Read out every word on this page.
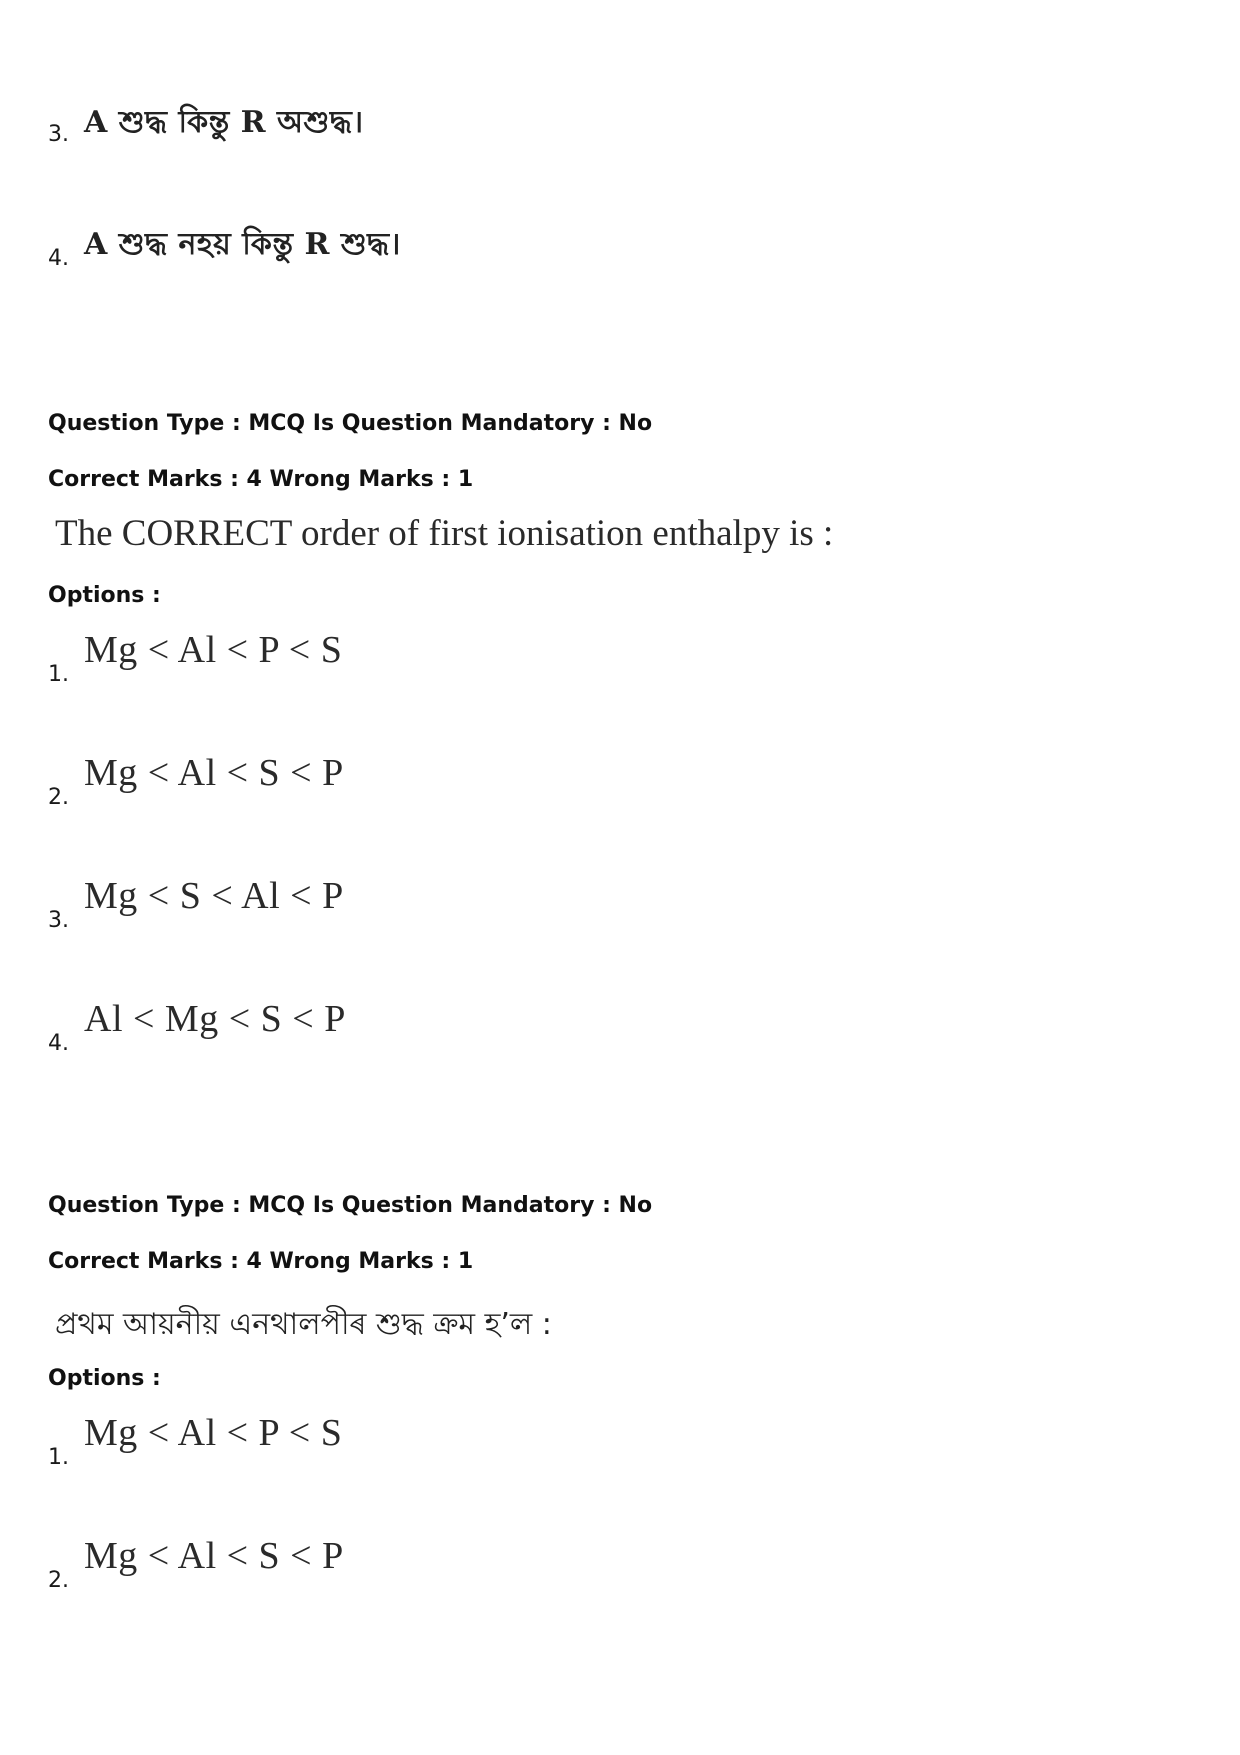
3. A শুদ্ধ কিন্তু R অশুদ্ধ।
4. A শুদ্ধ নহয় কিন্তু R শুদ্ধ।
Question Type : MCQ Is Question Mandatory : No
Correct Marks : 4 Wrong Marks : 1
The CORRECT order of first ionisation enthalpy is :
Options :
1.
Mg < Al < P < S
2.
Mg < Al < S < P
3.
Mg < S < Al < P
4.
Al < Mg < S < P
Question Type : MCQ Is Question Mandatory : No
Correct Marks : 4 Wrong Marks : 1
প্ৰথম আয়নীয় এনথালপীৰ শুদ্ধ ক্ৰম হ’ল :
Options :
1.
Mg < Al < P < S
2.
Mg < Al < S < P
